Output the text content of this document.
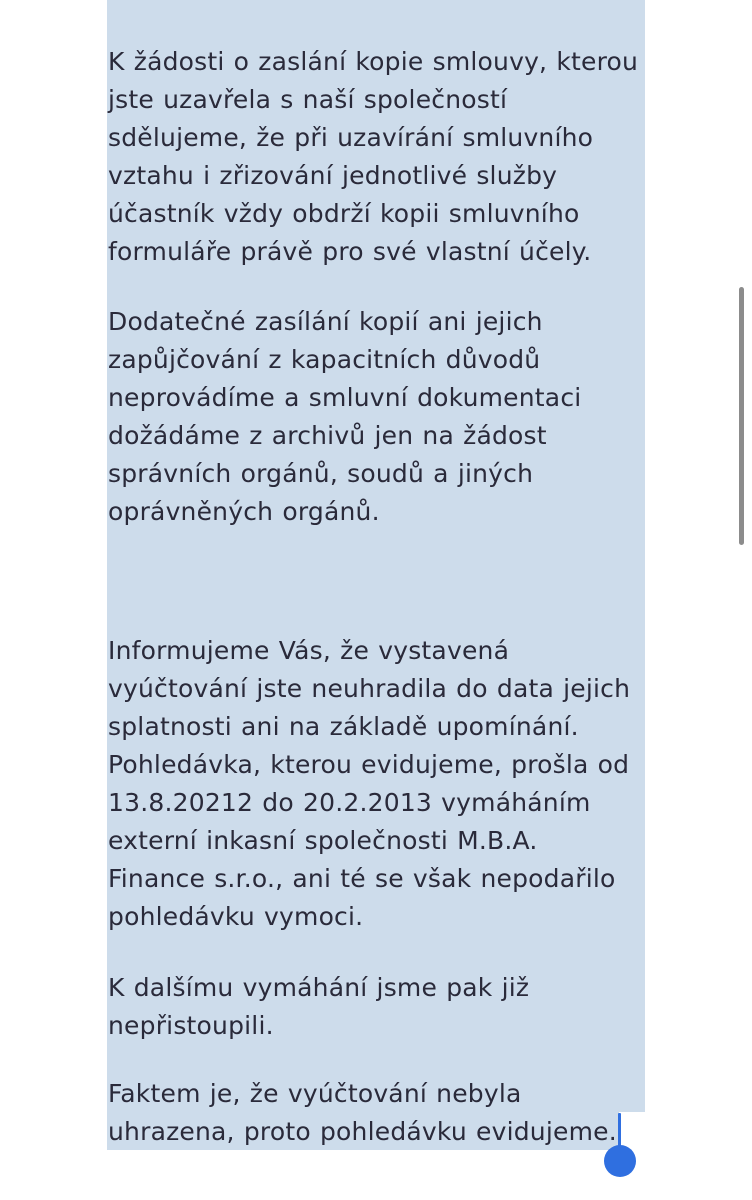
K žádosti o zaslání kopie smlouvy, kterou
jste uzavřela s naší společností
sdělujeme, že při uzavírání smluvního
vztahu i zřizování jednotlivé služby
účastník vždy obdrží kopii smluvního
formuláře právě pro své vlastní účely.

Dodatečné zasílání kopií ani jejich
zapůjčování z kapacitních důvodů
neprovádíme a smluvní dokumentaci
dožádáme z archivů jen na žádost
správních orgánů, soudů a jiných
oprávněných orgánů.

Informujeme Vás, že vystavená
vyúčtování jste neuhradila do data jejich
splatnosti ani na základě upomínání.
Pohledávka, kterou evidujeme, prošla od
13.8.20212 do 20.2.2013 vymáháním
externí inkasní společnosti M.B.A.
Finance s.r.o., ani té se však nepodařilo
pohledávku vymoci.

K dalšímu vymáhání jsme pak již
nepřistoupili.

Faktem je, že vyúčtování nebyla
uhrazena, proto pohledávku evidujeme.
